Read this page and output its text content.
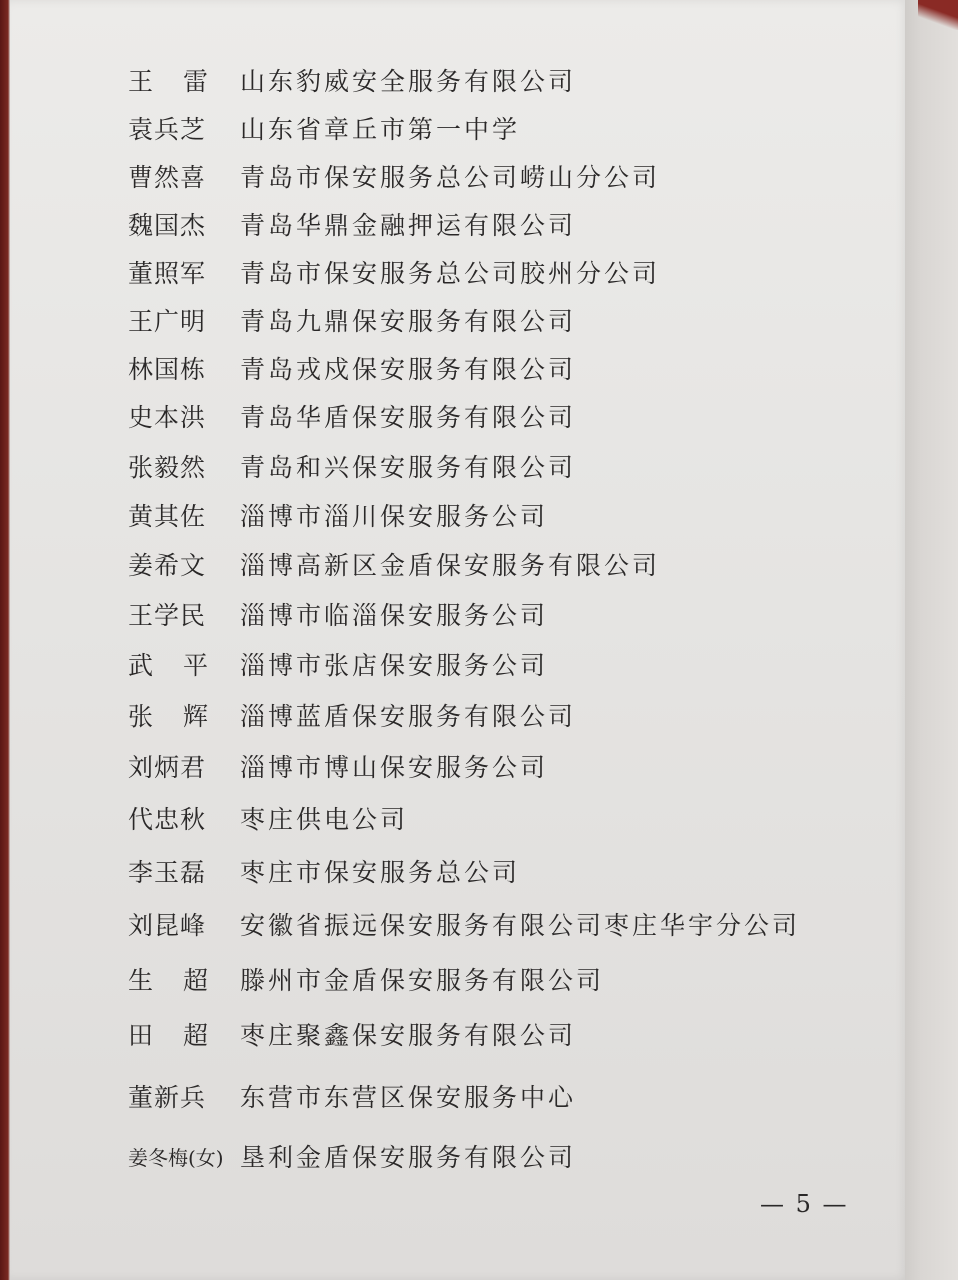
王雷 山东豹威安全服务有限公司
袁兵芝	山东省章丘市第一中学
曹然喜	青岛市保安服务总公司崂山分公司
魏国杰	青岛华鼎金融押运有限公司
董照军	青岛市保安服务总公司胶州分公司
王广明	青岛九鼎保安服务有限公司
林国栋	青岛戎戍保安服务有限公司
史本洪	青岛华盾保安服务有限公司
张毅然	青岛和兴保安服务有限公司
黄其佐	淄博市淄川保安服务公司
姜希文	淄博高新区金盾保安服务有限公司
王学民	淄博市临淄保安服务公司
武平 淄博市张店保安服务公司
张辉 淄博蓝盾保安服务有限公司
刘炳君	淄博市博山保安服务公司
代忠秋	枣庄供电公司
李玉磊	枣庄市保安服务总公司
刘昆峰	安徽省振远保安服务有限公司枣庄华宇分公司
生超 滕州市金盾保安服务有限公司
田超 枣庄聚鑫保安服务有限公司
董新兵	东营市东营区保安服务中心
姜冬梅(女) 垦利金盾保安服务有限公司
— 5 —
